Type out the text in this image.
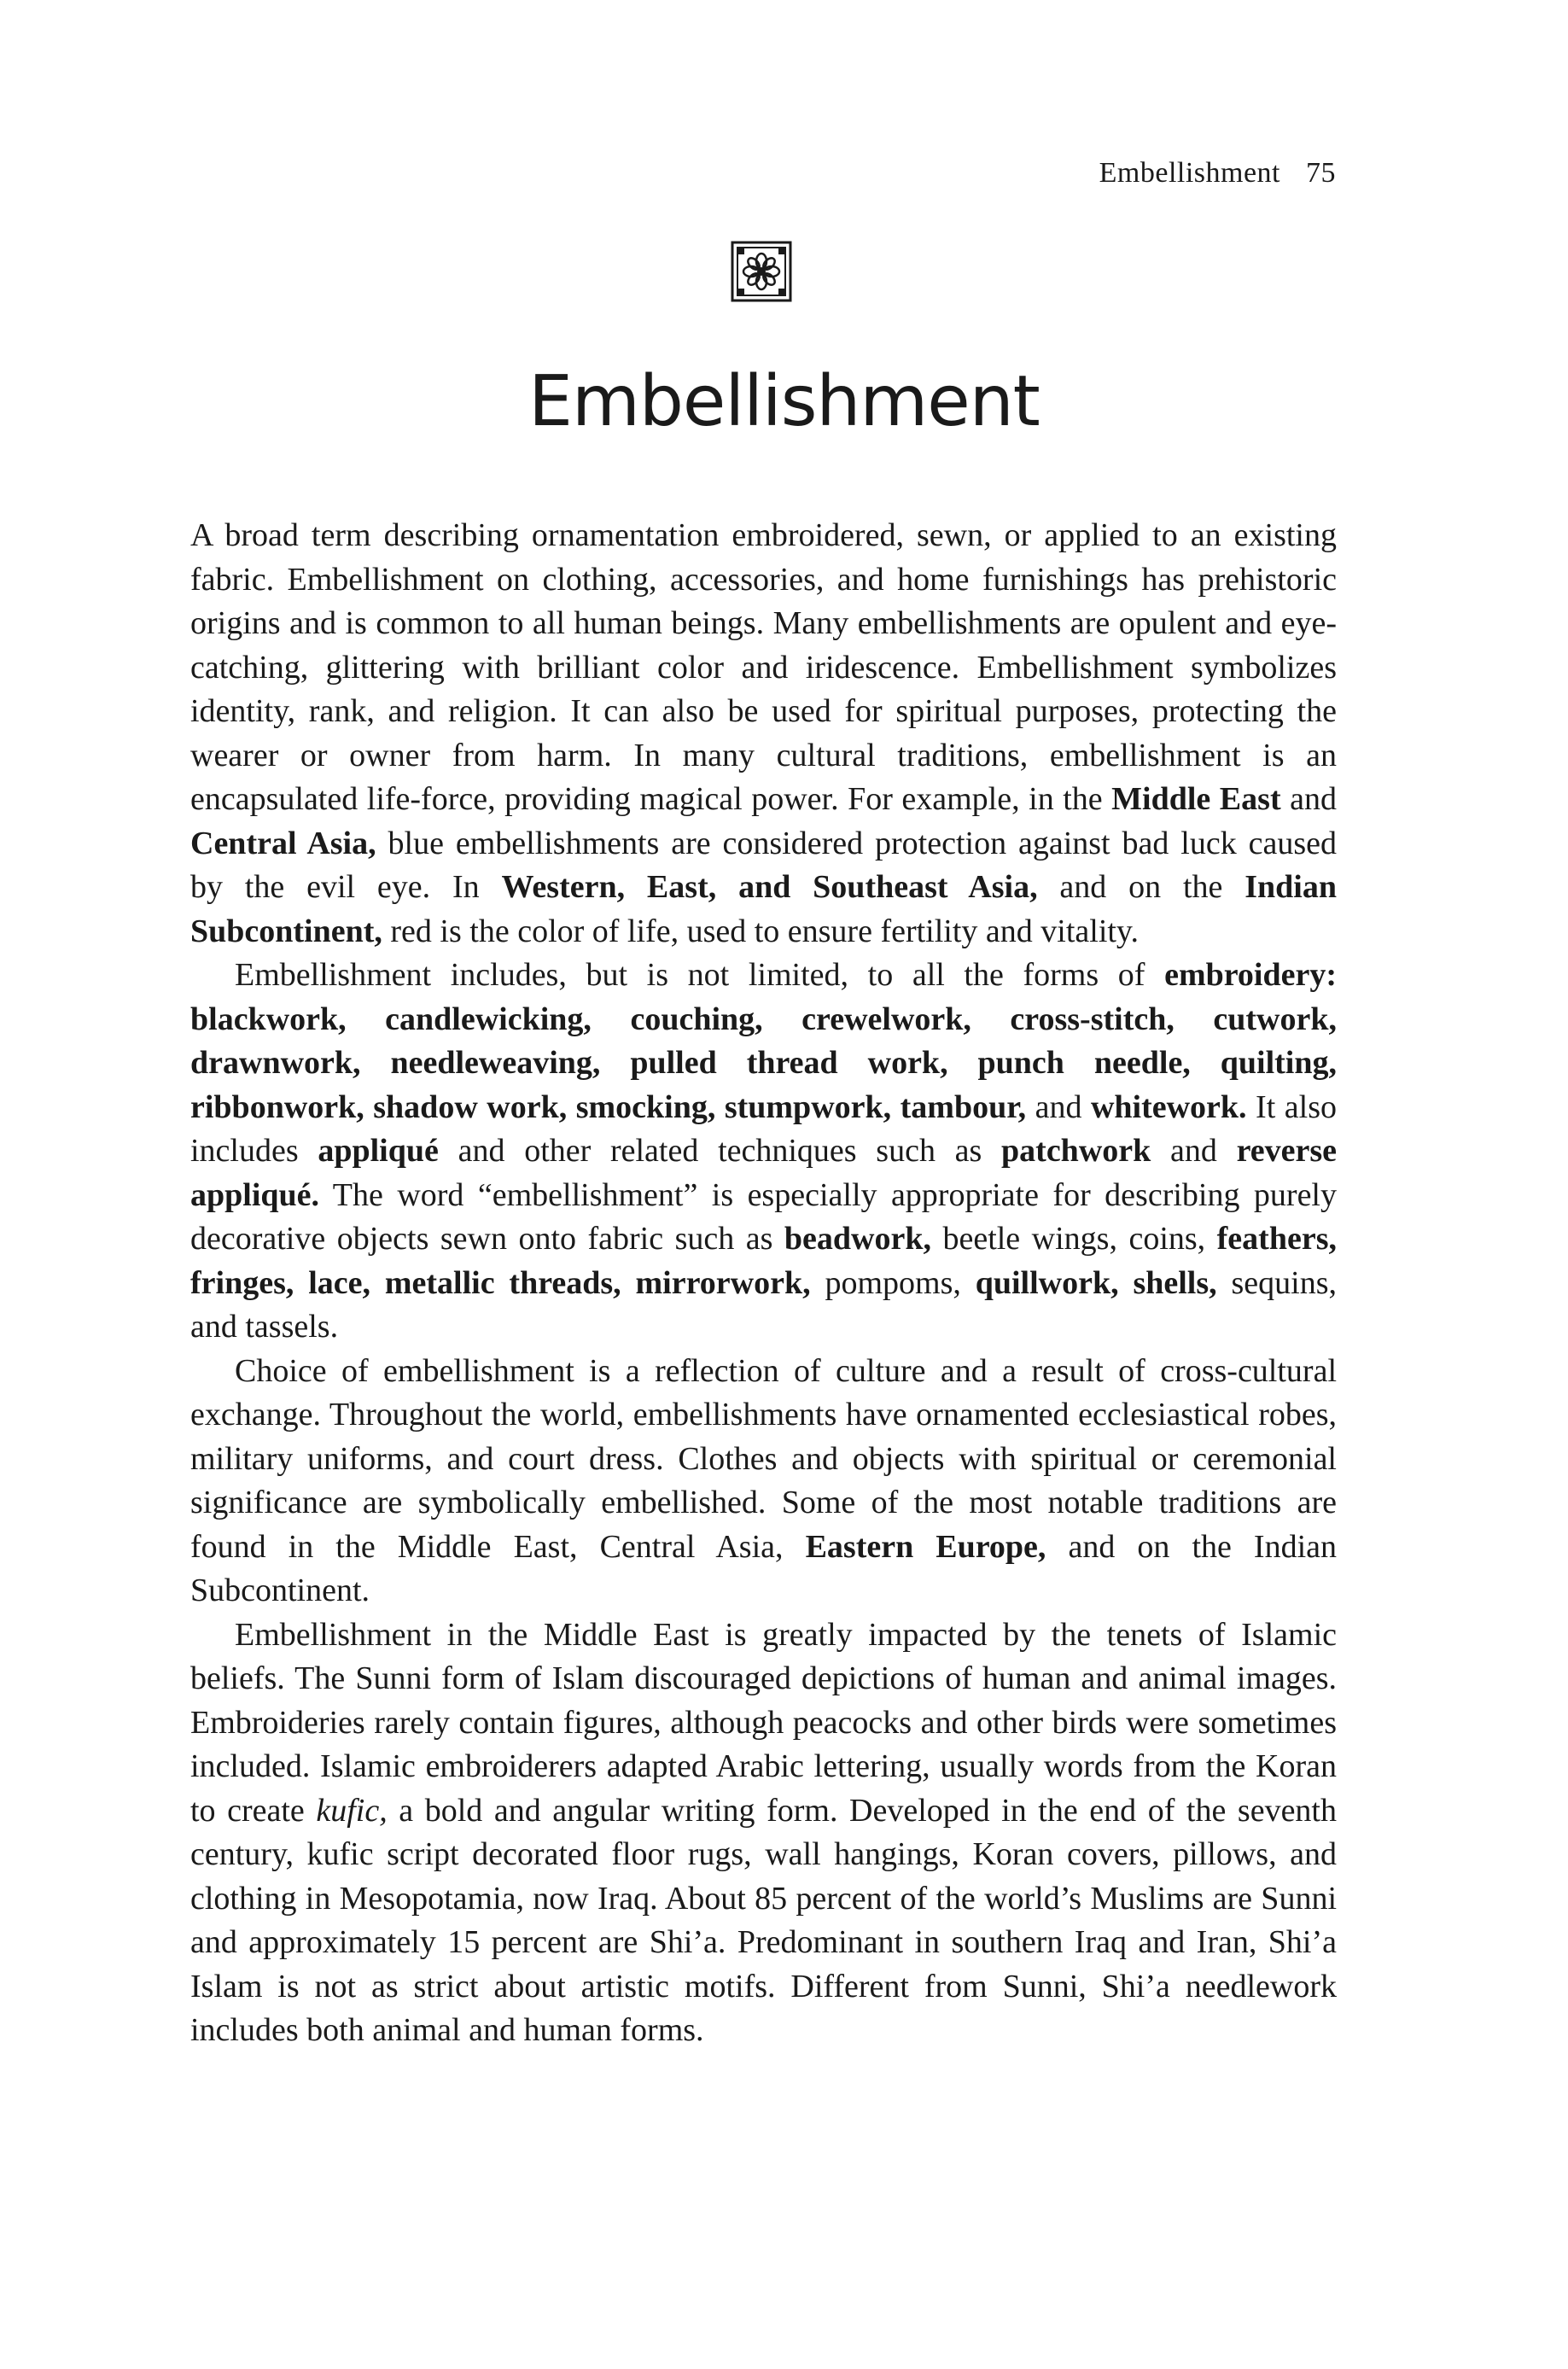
Embellishment 75
Embellishment

A broad term describing ornamentation embroidered, sewn, or applied to an existing fabric. Embellishment on clothing, accessories, and home furnishings has prehistoric origins and is common to all human beings. Many embellishments are opulent and eye-catching, glittering with brilliant color and iridescence. Embellishment symbolizes identity, rank, and religion. It can also be used for spiritual purposes, protecting the wearer or owner from harm. In many cultural traditions, embellishment is an encapsulated life-force, providing magical power. For example, in the Middle East and Central Asia, blue embellishments are considered protection against bad luck caused by the evil eye. In Western, East, and Southeast Asia, and on the Indian Subcontinent, red is the color of life, used to ensure fertility and vitality.

Embellishment includes, but is not limited, to all the forms of embroidery: blackwork, candlewicking, couching, crewelwork, cross-stitch, cutwork, drawnwork, needleweaving, pulled thread work, punch needle, quilting, ribbonwork, shadow work, smocking, stumpwork, tambour, and whitework. It also includes appliqué and other related techniques such as patchwork and reverse appliqué. The word “embellishment” is especially appropriate for describing purely decorative objects sewn onto fabric such as beadwork, beetle wings, coins, feathers, fringes, lace, metallic threads, mirrorwork, pompoms, quillwork, shells, sequins, and tassels.

Choice of embellishment is a reflection of culture and a result of cross-cultural exchange. Throughout the world, embellishments have ornamented ecclesiastical robes, military uniforms, and court dress. Clothes and objects with spiritual or ceremonial significance are symbolically embellished. Some of the most notable traditions are found in the Middle East, Central Asia, Eastern Europe, and on the Indian Subcontinent.

Embellishment in the Middle East is greatly impacted by the tenets of Islamic beliefs. The Sunni form of Islam discouraged depictions of human and animal images. Embroideries rarely contain figures, although peacocks and other birds were sometimes included. Islamic embroiderers adapted Arabic lettering, usually words from the Koran to create kufic, a bold and angular writing form. Developed in the end of the seventh century, kufic script decorated floor rugs, wall hangings, Koran covers, pillows, and clothing in Mesopotamia, now Iraq. About 85 percent of the world’s Muslims are Sunni and approximately 15 percent are Shi’a. Predominant in southern Iraq and Iran, Shi’a Islam is not as strict about artistic motifs. Different from Sunni, Shi’a needlework includes both animal and human forms.
